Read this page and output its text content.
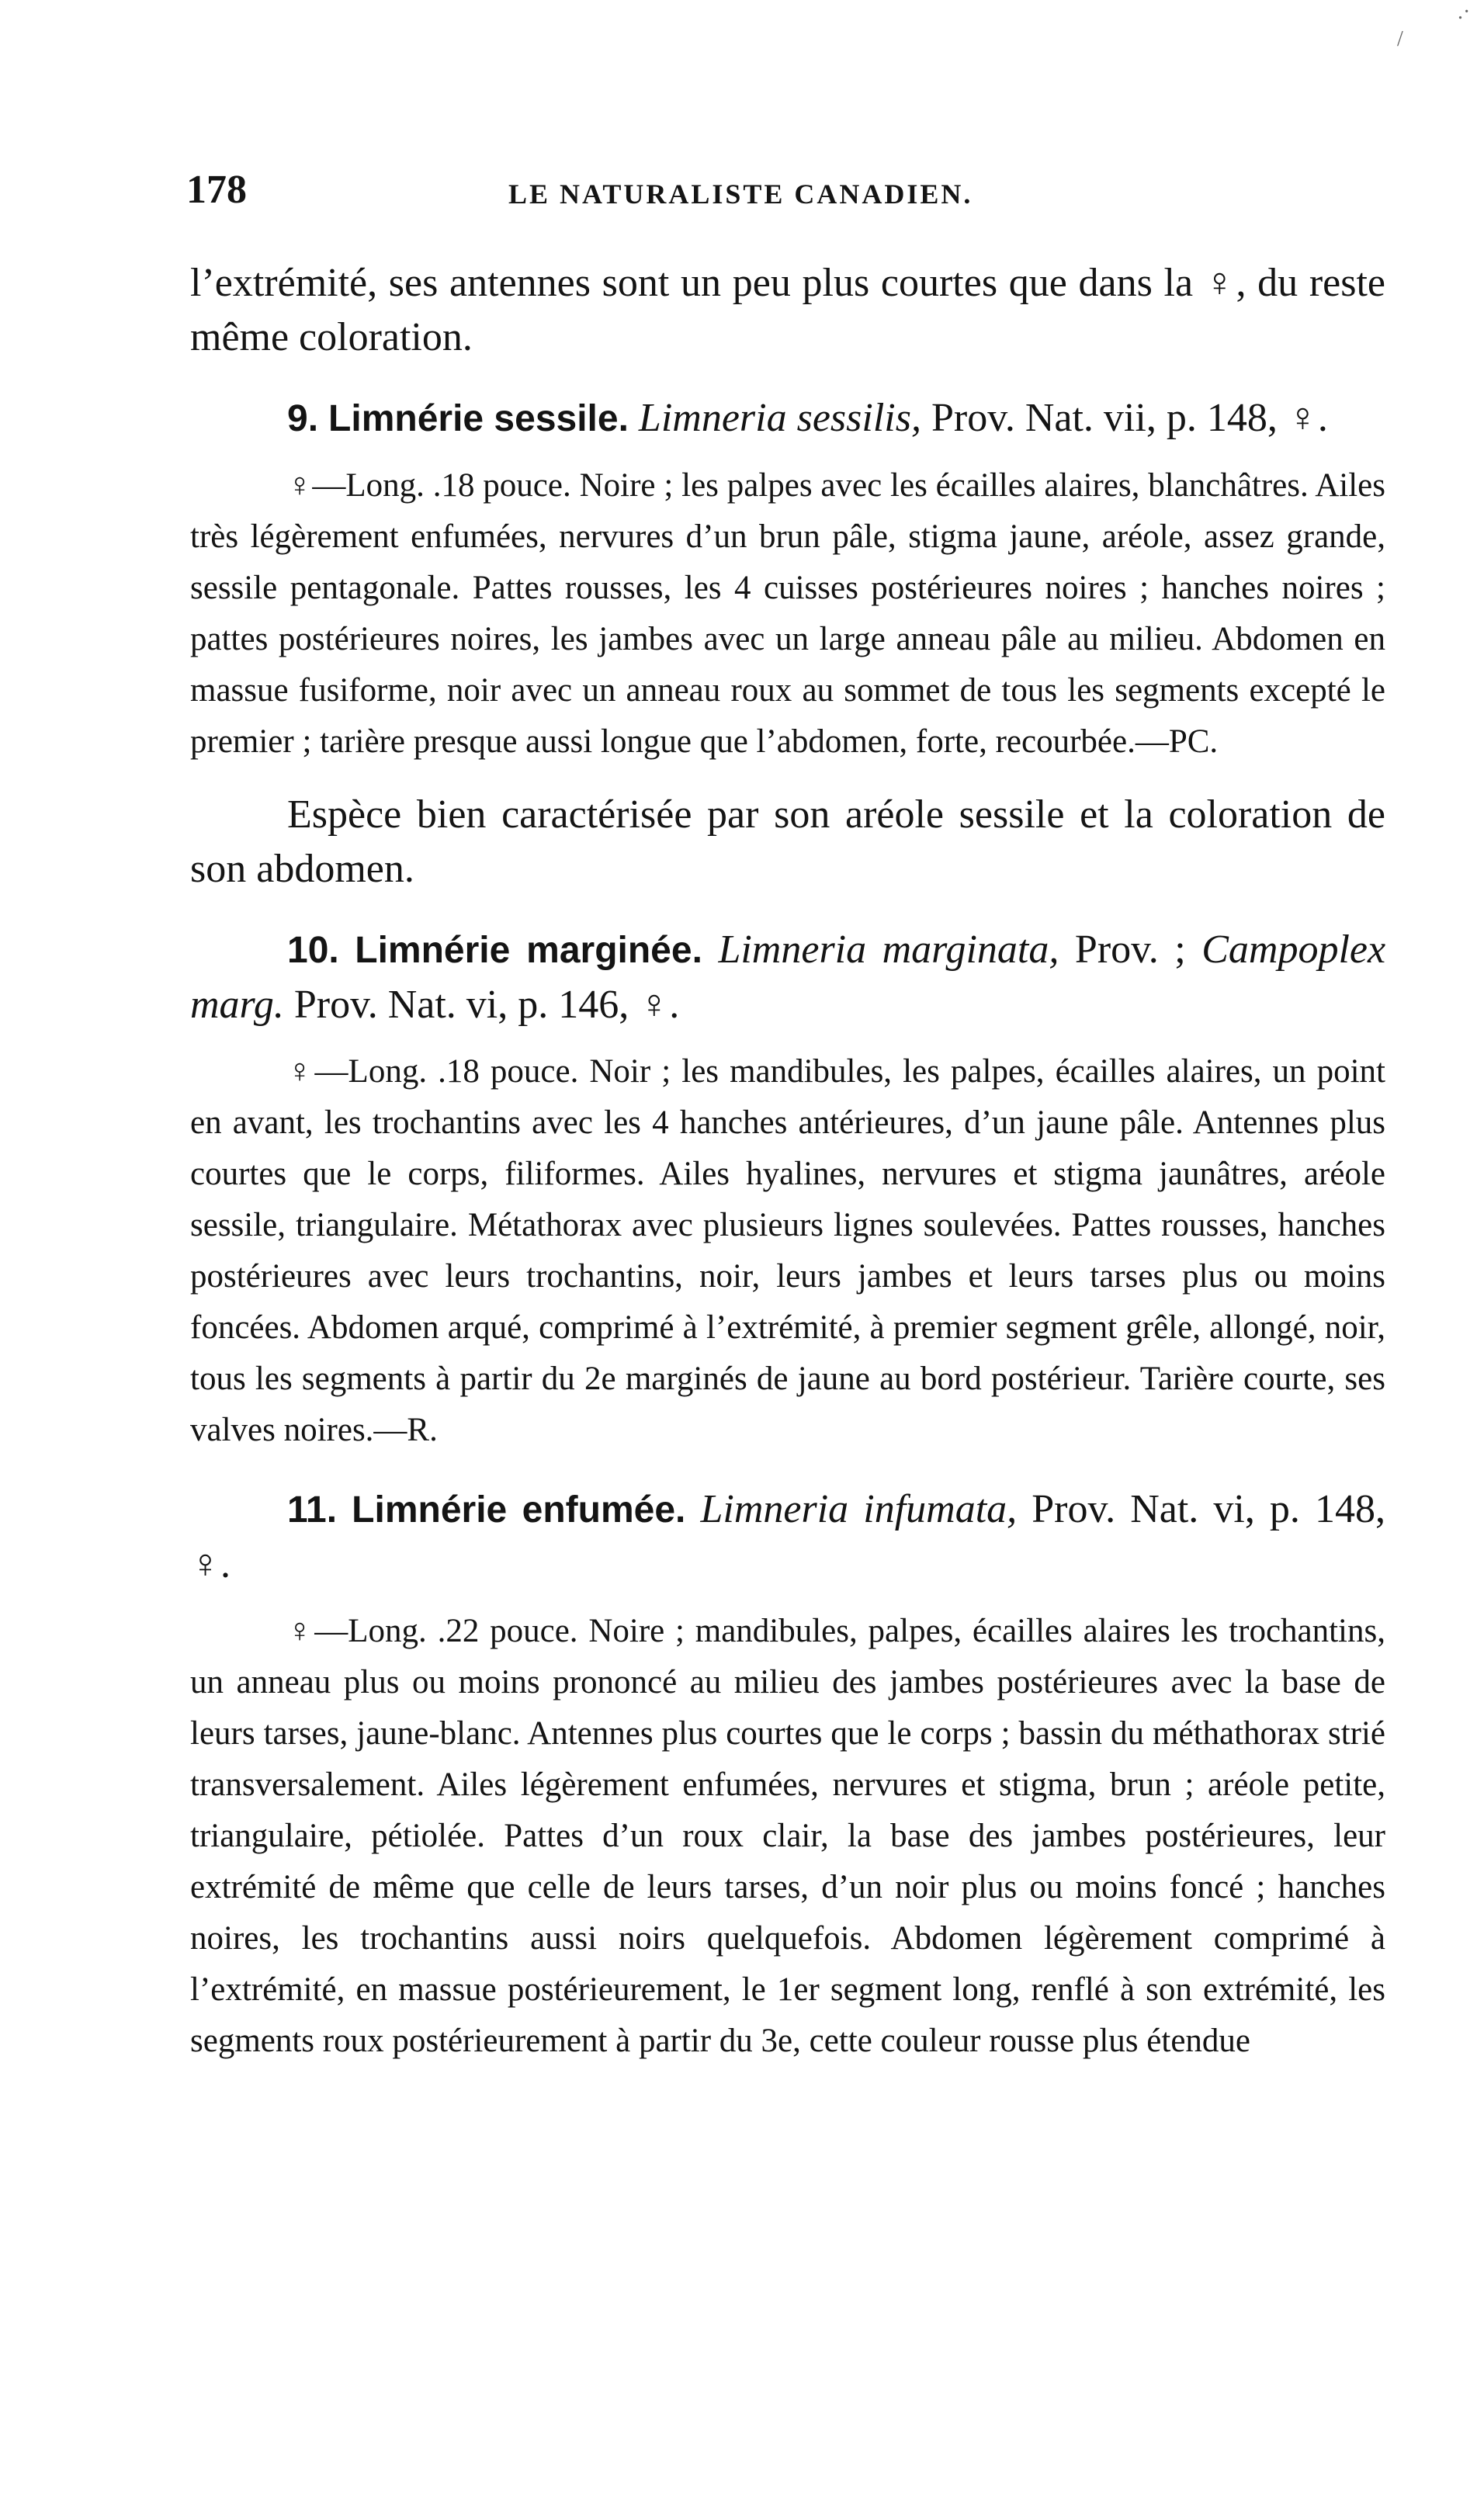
/
.·
178	LE NATURALISTE CANADIEN.

l’extrémité, ses antennes sont un peu plus courtes que dans la ♀, du reste même coloration.

9. Limnérie sessile. Limneria sessilis, Prov. Nat. vii, p. 148, ♀.

♀—Long. .18 pouce. Noire ; les palpes avec les écailles alaires, blanchâtres. Ailes très légèrement enfumées, nervures d’un brun pâle, stigma jaune, aréole, assez grande, sessile pentagonale. Pattes rousses, les 4 cuisses postérieures noires ; hanches noires ; pattes postérieures noires, les jambes avec un large anneau pâle au milieu. Abdomen en massue fusiforme, noir avec un anneau roux au sommet de tous les segments excepté le premier ; tarière presque aussi longue que l’abdomen, forte, recourbée.—PC.

Espèce bien caractérisée par son aréole sessile et la coloration de son abdomen.

10. Limnérie marginée. Limneria marginata, Prov. ; Campoplex marg. Prov. Nat. vi, p. 146, ♀.

♀—Long. .18 pouce. Noir ; les mandibules, les palpes, écailles alaires, un point en avant, les trochantins avec les 4 hanches antérieures, d’un jaune pâle. Antennes plus courtes que le corps, filiformes. Ailes hyalines, nervures et stigma jaunâtres, aréole sessile, triangulaire. Métathorax avec plusieurs lignes soulevées. Pattes rousses, hanches postérieures avec leurs trochantins, noir, leurs jambes et leurs tarses plus ou moins foncées. Abdomen arqué, comprimé à l’extrémité, à premier segment grêle, allongé, noir, tous les segments à partir du 2e marginés de jaune au bord postérieur. Tarière courte, ses valves noires.—R.

11. Limnérie enfumée. Limneria infumata, Prov. Nat. vi, p. 148, ♀.

♀—Long. .22 pouce. Noire ; mandibules, palpes, écailles alaires les trochantins, un anneau plus ou moins prononcé au milieu des jambes postérieures avec la base de leurs tarses, jaune-blanc. Antennes plus courtes que le corps ; bassin du méthathorax strié transversalement. Ailes légèrement enfumées, nervures et stigma, brun ; aréole petite, triangulaire, pétiolée. Pattes d’un roux clair, la base des jambes postérieures, leur extrémité de même que celle de leurs tarses, d’un noir plus ou moins foncé ; hanches noires, les trochantins aussi noirs quelquefois. Abdomen légèrement comprimé à l’extrémité, en massue postérieurement, le 1er segment long, renflé à son extrémité, les segments roux postérieurement à partir du 3e, cette couleur rousse plus étendue
